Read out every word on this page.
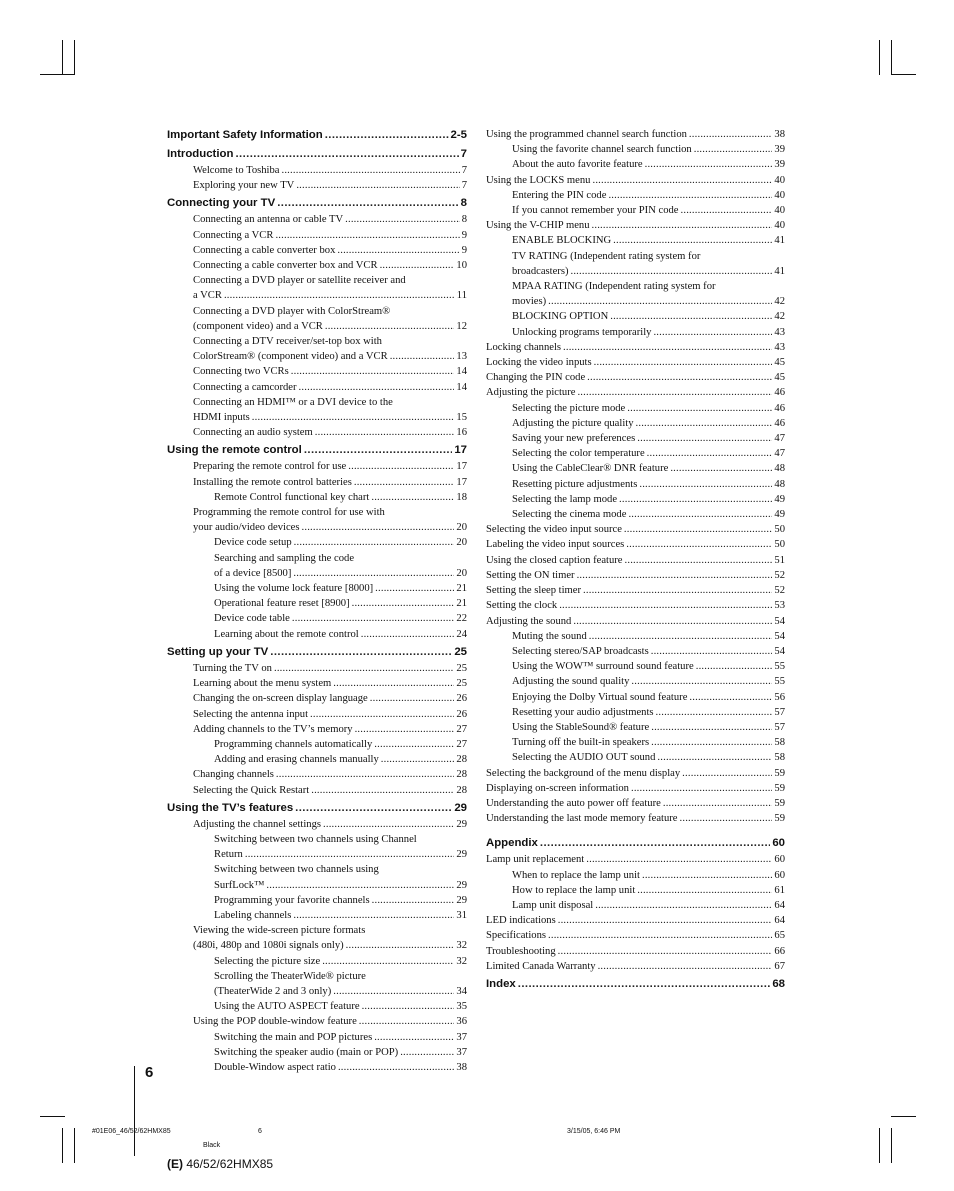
Important Safety Information .....	2-5
Introduction .....	7
Welcome to Toshiba .....	7
Exploring your new TV .....	7
Connecting your TV .....	8
Connecting an antenna or cable TV .....	8
Connecting a VCR .....	9
Connecting a cable converter box .....	9
Connecting a cable converter box and VCR .....	10
Connecting a DVD player or satellite receiver and
a VCR .....	11
Connecting a DVD player with ColorStream®
(component video) and a VCR .....	12
Connecting a DTV receiver/set-top box with
ColorStream® (component video) and a VCR .....	13
Connecting two VCRs .....	14
Connecting a camcorder .....	14
Connecting an HDMI™ or a DVI device to the
HDMI inputs .....	15
Connecting an audio system .....	16
Using the remote control .....	17
Preparing the remote control for use .....	17
Installing the remote control batteries .....	17
Remote Control functional key chart .....	18
Programming the remote control for use with
your audio/video devices .....	20
Device code setup .....	20
Searching and sampling the code
of a device [8500] .....	20
Using the volume lock feature [8000] .....	21
Operational feature reset [8900] .....	21
Device code table .....	22
Learning about the remote control .....	24
Setting up your TV .....	25
Turning the TV on .....	25
Learning about the menu system .....	25
Changing the on-screen display language .....	26
Selecting the antenna input .....	26
Adding channels to the TV’s memory .....	27
Programming channels automatically .....	27
Adding and erasing channels manually .....	28
Changing channels .....	28
Selecting the Quick Restart .....	28
Using the TV’s features .....	29
Adjusting the channel settings .....	29
Switching between two channels using Channel
Return .....	29
Switching between two channels using
SurfLock™ .....	29
Programming your favorite channels .....	29
Labeling channels .....	31
Viewing the wide-screen picture formats
(480i, 480p and 1080i signals only) .....	32
Selecting the picture size .....	32
Scrolling the TheaterWide® picture
(TheaterWide 2 and 3 only) .....	34
Using the AUTO ASPECT feature .....	35
Using the POP double-window feature .....	36
Switching the main and POP pictures .....	37
Switching the speaker audio (main or POP) .....	37
Double-Window aspect ratio .....	38
Using the programmed channel search function .....	38
Using the favorite channel search function .....	39
About the auto favorite feature .....	39
Using the LOCKS menu .....	40
Entering the PIN code .....	40
If you cannot remember your PIN code .....	40
Using the V-CHIP menu .....	40
ENABLE BLOCKING .....	41
TV RATING (Independent rating system for
broadcasters) .....	41
MPAA RATING (Independent rating system for
movies) .....	42
BLOCKING OPTION .....	42
Unlocking programs temporarily .....	43
Locking channels .....	43
Locking the video inputs .....	45
Changing the PIN code .....	45
Adjusting the picture .....	46
Selecting the picture mode .....	46
Adjusting the picture quality .....	46
Saving your new preferences .....	47
Selecting the color temperature .....	47
Using the CableClear® DNR feature .....	48
Resetting picture adjustments .....	48
Selecting the lamp mode .....	49
Selecting the cinema mode .....	49
Selecting the video input source .....	50
Labeling the video input sources .....	50
Using the closed caption feature .....	51
Setting the ON timer .....	52
Setting the sleep timer .....	52
Setting the clock .....	53
Adjusting the sound .....	54
Muting the sound .....	54
Selecting stereo/SAP broadcasts .....	54
Using the WOW™ surround sound feature .....	55
Adjusting the sound quality .....	55
Enjoying the Dolby Virtual sound feature .....	56
Resetting your audio adjustments .....	57
Using the StableSound® feature .....	57
Turning off the built-in speakers .....	58
Selecting the AUDIO OUT sound .....	58
Selecting the background of the menu display .....	59
Displaying on-screen information .....	59
Understanding the auto power off feature .....	59
Understanding the last mode memory feature .....	59
Appendix .....	60
Lamp unit replacement .....	60
When to replace the lamp unit .....	60
How to replace the lamp unit .....	61
Lamp unit disposal .....	64
LED indications .....	64
Specifications .....	65
Troubleshooting .....	66
Limited Canada Warranty .....	67
Index .....	68
6
#01E06_46/52/62HMX85	6	3/15/05, 6:46 PM
Black
(E) 46/52/62HMX85
